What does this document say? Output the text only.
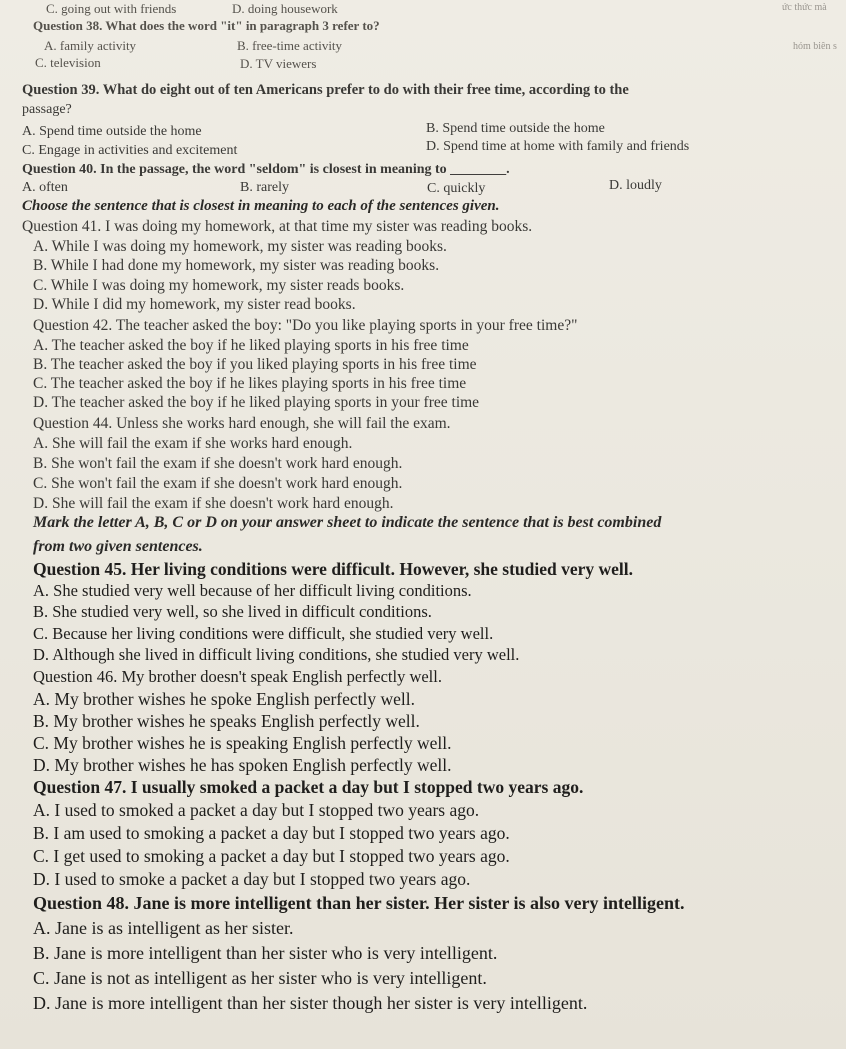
ức thức mà
hóm biên s
C. going out with friends	D. doing housework
Question 38. What does the word "it" in paragraph 3 refer to?
A. family activity	B. free-time activity
C. television	D. TV viewers
Question 39. What do eight out of ten Americans prefer to do with their free time, according to the
passage?
A. Spend time outside the home	B. Spend time outside the home
C. Engage in activities and excitement	D. Spend time at home with family and friends
Question 40. In the passage, the word "seldom" is closest in meaning to ________.
A. often	B. rarely	C. quickly	D. loudly
Choose the sentence that is closest in meaning to each of the sentences given.
Question 41. I was doing my homework, at that time my sister was reading books.
A. While I was doing my homework, my sister was reading books.
B. While I had done my homework, my sister was reading books.
C. While I was doing my homework, my sister reads books.
D. While I did my homework, my sister read books.
Question 42. The teacher asked the boy: "Do you like playing sports in your free time?"
A. The teacher asked the boy if he liked playing sports in his free time
B. The teacher asked the boy if you liked playing sports in his free time
C. The teacher asked the boy if he likes playing sports in his free time
D. The teacher asked the boy if he liked playing sports in your free time
Question 44. Unless she works hard enough, she will fail the exam.
A. She will fail the exam if she works hard enough.
B. She won't fail the exam if she doesn't work hard enough.
C. She won't fail the exam if she doesn't work hard enough.
D. She will fail the exam if she doesn't work hard enough.
Mark the letter A, B, C or D on your answer sheet to indicate the sentence that is best combined
from two given sentences.
Question 45. Her living conditions were difficult. However, she studied very well.
A. She studied very well because of her difficult living conditions.
B. She studied very well, so she lived in difficult conditions.
C. Because her living conditions were difficult, she studied very well.
D. Although she lived in difficult living conditions, she studied very well.
Question 46. My brother doesn't speak English perfectly well.
A. My brother wishes he spoke English perfectly well.
B. My brother wishes he speaks English perfectly well.
C. My brother wishes he is speaking English perfectly well.
D. My brother wishes he has spoken English perfectly well.
Question 47. I usually smoked a packet a day but I stopped two years ago.
A. I used to smoked a packet a day but I stopped two years ago.
B. I am used to smoking a packet a day but I stopped two years ago.
C. I get used to smoking a packet a day but I stopped two years ago.
D. I used to smoke a packet a day but I stopped two years ago.
Question 48. Jane is more intelligent than her sister. Her sister is also very intelligent.
A. Jane is as intelligent as her sister.
B. Jane is more intelligent than her sister who is very intelligent.
C. Jane is not as intelligent as her sister who is very intelligent.
D. Jane is more intelligent than her sister though her sister is very intelligent.
